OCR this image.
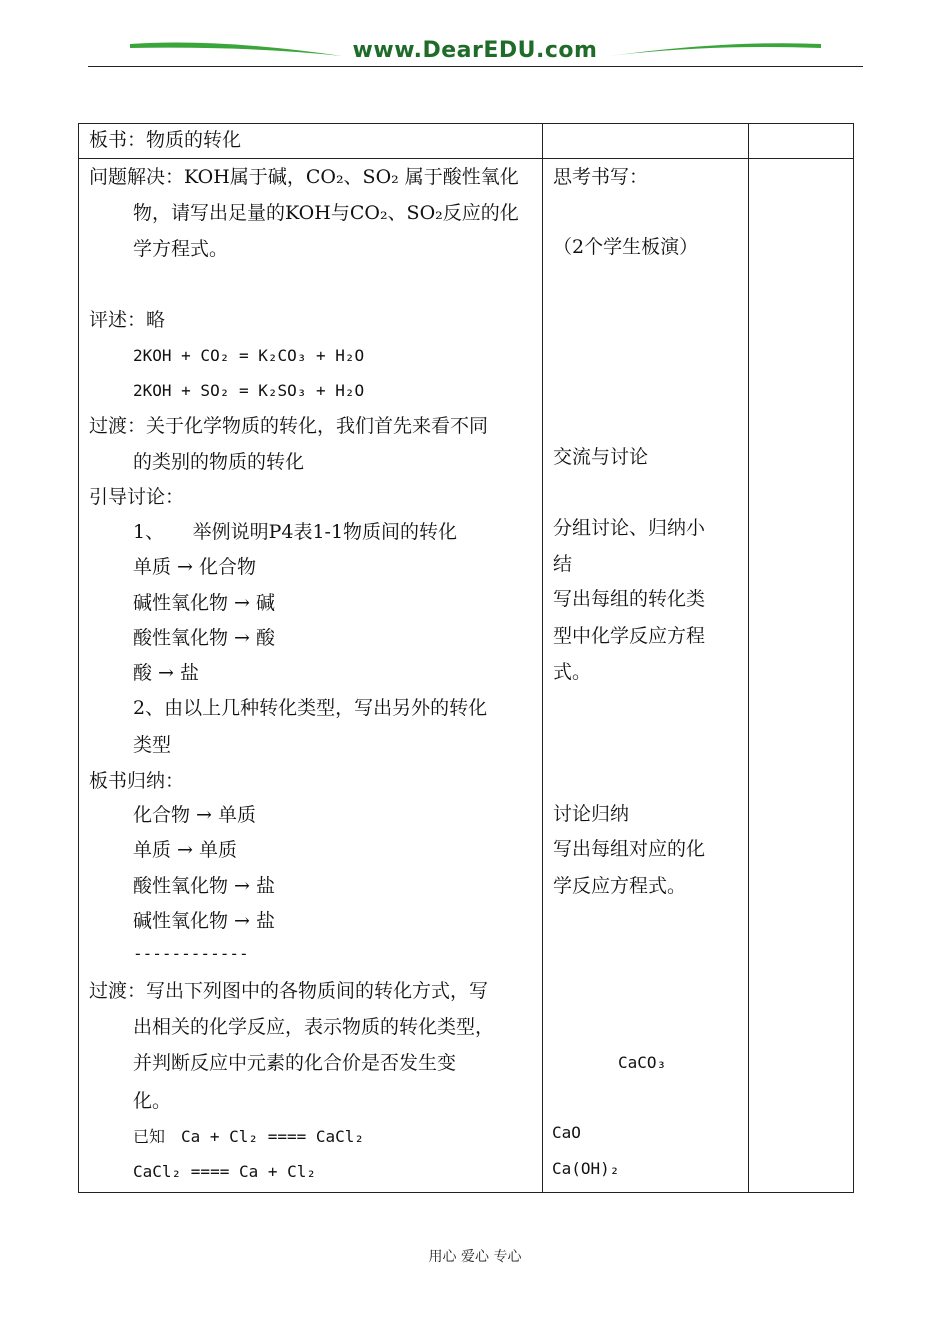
www.DearEDU.com
板书：物质的转化
问题解决：KOH属于碱，CO₂、SO₂ 属于酸性氧化
物，请写出足量的KOH与CO₂、SO₂反应的化
学方程式。
评述：略
2KOH + CO₂ = K₂CO₃ + H₂O
2KOH + SO₂ = K₂SO₃ + H₂O
过渡：关于化学物质的转化，我们首先来看不同
的类别的物质的转化
引导讨论：
1、　　举例说明P4表1-1物质间的转化
单质 → 化合物
碱性氧化物 → 碱
酸性氧化物 → 酸
酸 → 盐
2、由以上几种转化类型，写出另外的转化
类型
板书归纳：
化合物 → 单质
单质 → 单质
酸性氧化物 → 盐
碱性氧化物 → 盐
------------
过渡：写出下列图中的各物质间的转化方式，写
出相关的化学反应，表示物质的转化类型，
并判断反应中元素的化合价是否发生变
化。
已知　Ca + Cl₂ ==== CaCl₂
CaCl₂ ==== Ca + Cl₂
思考书写：
（2个学生板演）
交流与讨论
分组讨论、归纳小
结
写出每组的转化类
型中化学反应方程
式。
讨论归纳
写出每组对应的化
学反应方程式。
CaCO₃
CaO
Ca(OH)₂
用心 爱心 专心
